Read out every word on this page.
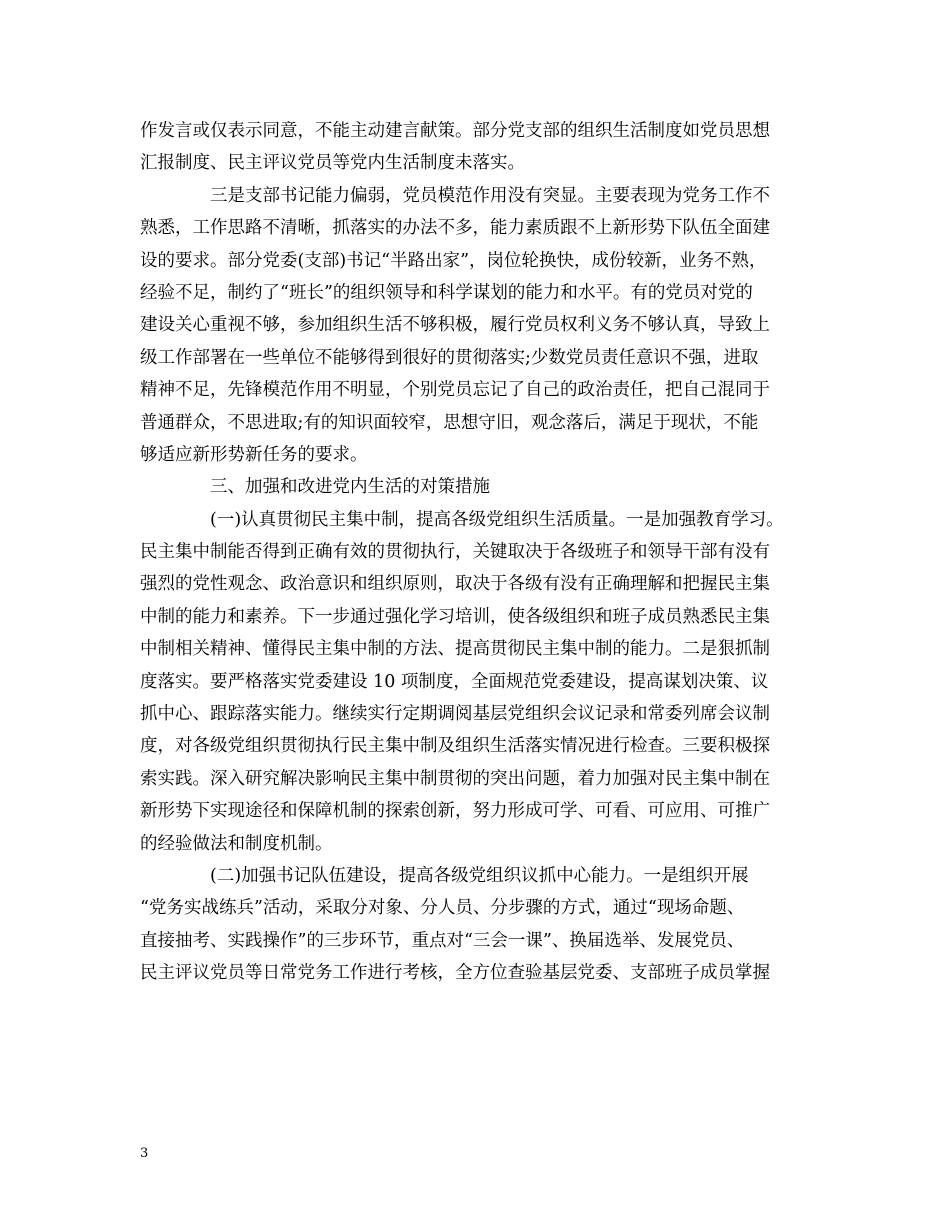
作发言或仅表示同意，不能主动建言献策。部分党支部的组织生活制度如党员思想
汇报制度、民主评议党员等党内生活制度未落实。
三是支部书记能力偏弱，党员模范作用没有突显。主要表现为党务工作不
熟悉，工作思路不清晰，抓落实的办法不多，能力素质跟不上新形势下队伍全面建
设的要求。部分党委(支部)书记“半路出家”，岗位轮换快，成份较新，业务不熟，
经验不足，制约了“班长”的组织领导和科学谋划的能力和水平。有的党员对党的
建设关心重视不够，参加组织生活不够积极，履行党员权利义务不够认真，导致上
级工作部署在一些单位不能够得到很好的贯彻落实;少数党员责任意识不强，进取
精神不足，先锋模范作用不明显，个别党员忘记了自己的政治责任，把自己混同于
普通群众，不思进取;有的知识面较窄，思想守旧，观念落后，满足于现状，不能
够适应新形势新任务的要求。
三、加强和改进党内生活的对策措施
(一)认真贯彻民主集中制，提高各级党组织生活质量。一是加强教育学习。
民主集中制能否得到正确有效的贯彻执行，关键取决于各级班子和领导干部有没有
强烈的党性观念、政治意识和组织原则，取决于各级有没有正确理解和把握民主集
中制的能力和素养。下一步通过强化学习培训，使各级组织和班子成员熟悉民主集
中制相关精神、懂得民主集中制的方法、提高贯彻民主集中制的能力。二是狠抓制
度落实。要严格落实党委建设 10 项制度，全面规范党委建设，提高谋划决策、议
抓中心、跟踪落实能力。继续实行定期调阅基层党组织会议记录和常委列席会议制
度，对各级党组织贯彻执行民主集中制及组织生活落实情况进行检查。三要积极探
索实践。深入研究解决影响民主集中制贯彻的突出问题，着力加强对民主集中制在
新形势下实现途径和保障机制的探索创新，努力形成可学、可看、可应用、可推广
的经验做法和制度机制。
(二)加强书记队伍建设，提高各级党组织议抓中心能力。一是组织开展
“党务实战练兵”活动，采取分对象、分人员、分步骤的方式，通过“现场命题、
直接抽考、实践操作”的三步环节，重点对“三会一课”、换届选举、发展党员、
民主评议党员等日常党务工作进行考核，全方位查验基层党委、支部班子成员掌握
3
